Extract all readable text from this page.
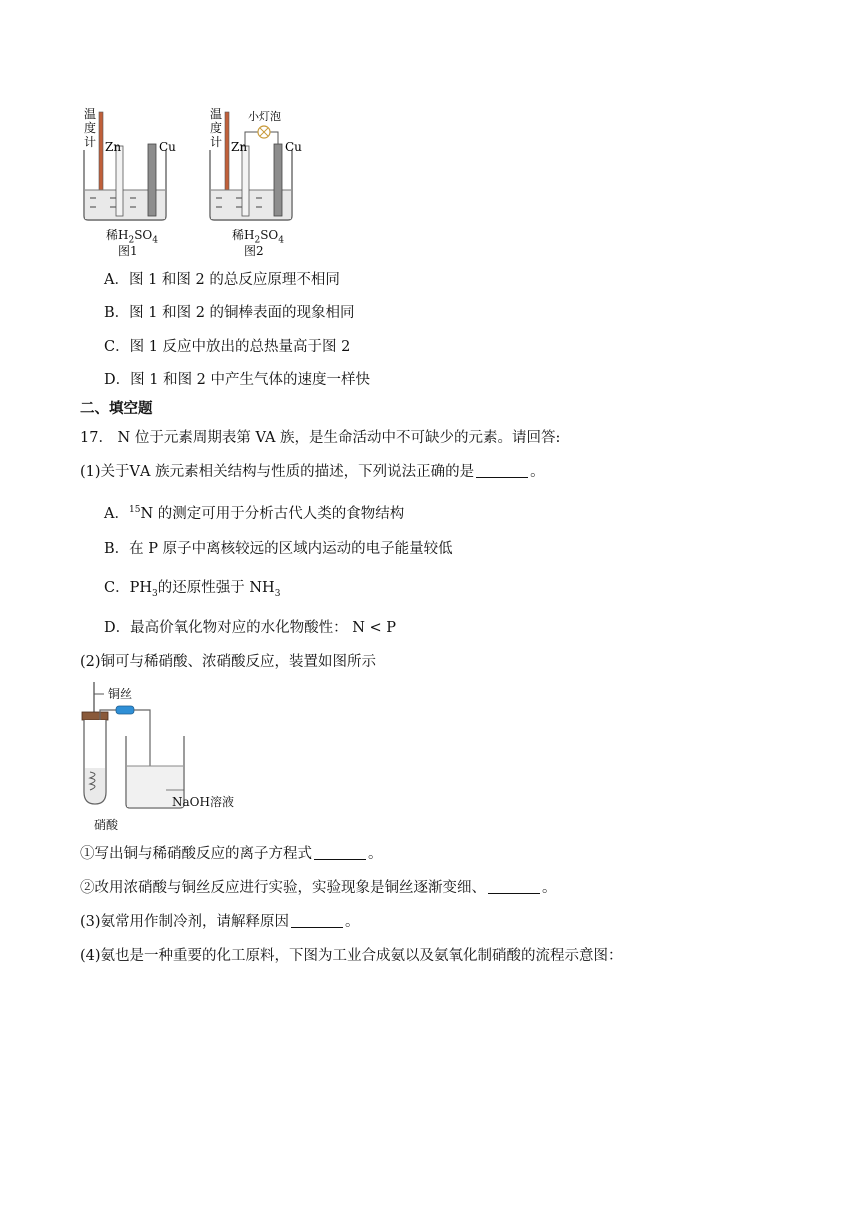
Zn	Cu
温
度
计
稀$H_2SO_4$
图1
小灯泡
Zn	Cu
温
度
计
稀$H_2SO_4$
图2
A．图 1 和图 2 的总反应原理不相同
B．图 1 和图 2 的铜棒表面的现象相同
C．图 1 反应中放出的总热量高于图 2
D．图 1 和图 2 中产生气体的速度一样快
二、填空题
17． N 位于元素周期表第 VA 族，是生命活动中不可缺少的元素。请回答:
(1)关于ⅤA 族元素相关结构与性质的描述，下列说法正确的是	。
A．$^{15}$N 的测定可用于分析古代人类的食物结构
B．在 P 原子中离核较远的区域内运动的电子能量较低
C．$PH_3$的还原性强于 $NH_3$
D．最高价氧化物对应的水化物酸性： N < P
(2)铜可与稀硝酸、浓硝酸反应，装置如图所示
铜丝
NaOH溶液
硝酸
①写出铜与稀硝酸反应的离子方程式	。
②改用浓硝酸与铜丝反应进行实验，实验现象是铜丝逐渐变细、	。
(3)氨常用作制冷剂，请解释原因	。
(4)氨也是一种重要的化工原料，下图为工业合成氨以及氨氧化制硝酸的流程示意图：
